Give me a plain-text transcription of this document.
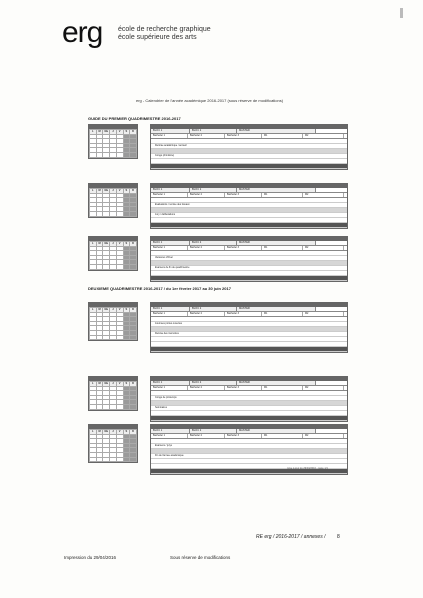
erg école de recherche graphique
école supérieure des arts
erg - Calendrier de l'année académique 2016-2017 (sous réserve de modifications)
GUIDE DU PREMIER QUADRIMESTRE 2016-2017
DEUXIEME QUADRIMESTRE 2016-2017 / du 1er février 2017 au 30 juin 2017
L	M	Me	J	V	S	D

L	M	Me	J	V	S	D

L	M	Me	J	V	S	D

L	M	Me	J	V	S	D

L	M	Me	J	V	S	D

L	M	Me	J	V	S	D

BLOC 1	BLOC 2	MASTER
Bachelier 1	Bachelier 2	Bachelier 3	M1	M2
Rentrée académique / accueil
Congé (Armistice)
BLOC 1	BLOC 2	MASTER
Bachelier 1	Bachelier 2	Bachelier 3	M1	M2
Évaluations / remise des travaux
Jury / délibérations
BLOC 1	BLOC 2	MASTER
Bachelier 1	Bachelier 2	Bachelier 3	M1	M2
Vacances d'hiver
Examens de fin de quadrimestre
BLOC 1	BLOC 2	MASTER
Bachelier 1	Bachelier 2	Bachelier 3	M1	M2
Journées portes ouvertes
Remise des mémoires
BLOC 1	BLOC 2	MASTER
Bachelier 1	Bachelier 2	Bachelier 3	M1	M2
Congé de printemps
Séminaires
BLOC 1	BLOC 2	MASTER
Bachelier 1	Bachelier 2	Bachelier 3	M1	M2
Examens / jurys
Fin de l'année académique
mise à jour du 29/04/2016 - page 1/1
RE erg / 2016-2017 / annexes / 8
Impression du 29/04/2016	Sous réserve de modifications
